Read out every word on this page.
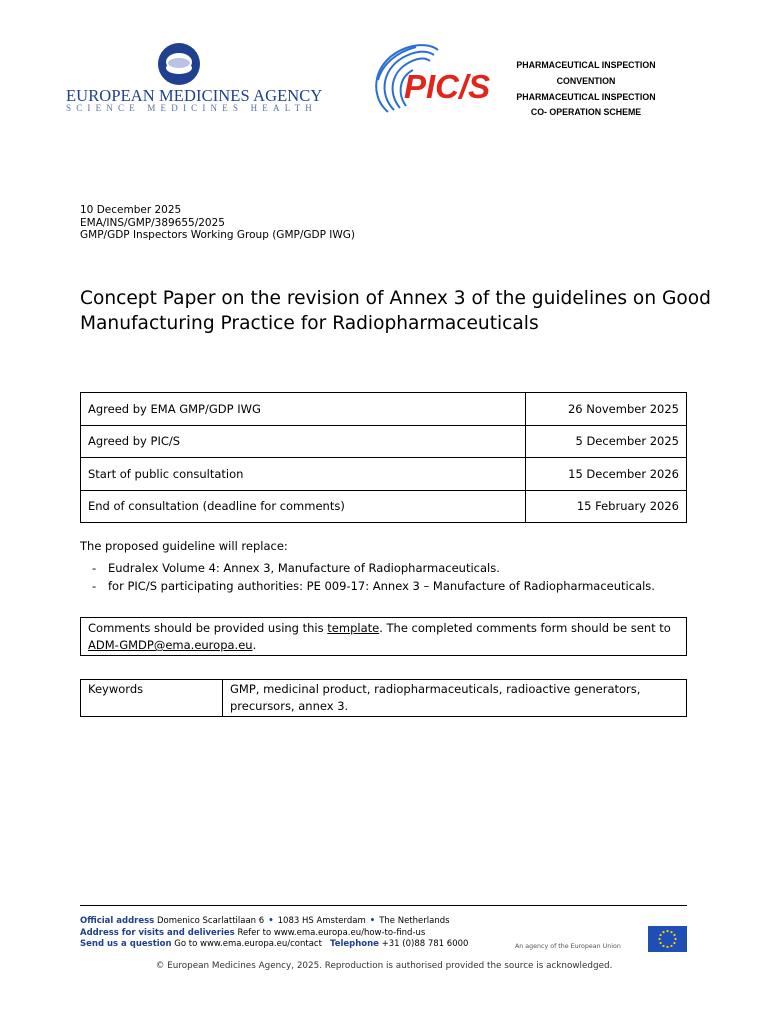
EUROPEAN MEDICINES AGENCY
SCIENCE MEDICINES HEALTH
PIC/S
PHARMACEUTICAL INSPECTION
CONVENTION
PHARMACEUTICAL INSPECTION
CO- OPERATION SCHEME
10 December 2025
EMA/INS/GMP/389655/2025
GMP/GDP Inspectors Working Group (GMP/GDP IWG)
Concept Paper on the revision of Annex 3 of the guidelines on Good Manufacturing Practice for Radiopharmaceuticals
Agreed by EMA GMP/GDP IWG	26 November 2025
Agreed by PIC/S	5 December 2025
Start of public consultation	15 December 2026
End of consultation (deadline for comments)	15 February 2026
The proposed guideline will replace:
- Eudralex Volume 4: Annex 3, Manufacture of Radiopharmaceuticals.
- for PIC/S participating authorities: PE 009-17: Annex 3 – Manufacture of Radiopharmaceuticals.
Comments should be provided using this template. The completed comments form should be sent to ADM-GMDP@ema.europa.eu.
Keywords	GMP, medicinal product, radiopharmaceuticals, radioactive generators, precursors, annex 3.
Official address Domenico Scarlattilaan 6 • 1083 HS Amsterdam • The Netherlands
Address for visits and deliveries Refer to www.ema.europa.eu/how-to-find-us
Send us a question Go to www.ema.europa.eu/contact Telephone +31 (0)88 781 6000	An agency of the European Union
© European Medicines Agency, 2025. Reproduction is authorised provided the source is acknowledged.
